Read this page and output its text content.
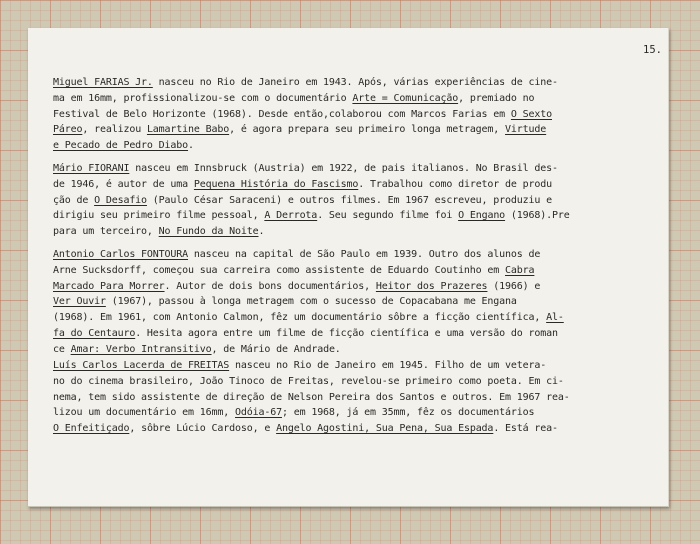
15.
Miguel FARIAS Jr. nasceu no Rio de Janeiro em 1943. Após, várias experiências de cine-
ma em 16mm, profissionalizou-se com o documentário Arte = Comunicação, premiado no
Festival de Belo Horizonte (1968). Desde então,colaborou com Marcos Farias em O Sexto
Páreo, realizou Lamartine Babo, é agora prepara seu primeiro longa metragem, Virtude
e Pecado de Pedro Diabo.
Mário FIORANI nasceu em Innsbruck (Austria) em 1922, de pais italianos. No Brasil des-
de 1946, é autor de uma Pequena História do Fascismo. Trabalhou como diretor de produ
ção de O Desafio (Paulo César Saraceni) e outros filmes. Em 1967 escreveu, produziu e
dirigiu seu primeiro filme pessoal, A Derrota. Seu segundo filme foi O Engano (1968).Pre
para um terceiro, No Fundo da Noite.
Antonio Carlos FONTOURA nasceu na capital de São Paulo em 1939. Outro dos alunos de
Arne Sucksdorff, começou sua carreira como assistente de Eduardo Coutinho em Cabra
Marcado Para Morrer. Autor de dois bons documentários, Heitor dos Prazeres (1966) e
Ver Ouvir (1967), passou à longa metragem com o sucesso de Copacabana me Engana
(1968). Em 1961, com Antonio Calmon, fêz um documentário sôbre a ficção científica, Al-
fa do Centauro. Hesita agora entre um filme de ficção científica e uma versão do roman
ce Amar: Verbo Intransitivo, de Mário de Andrade.
Luís Carlos Lacerda de FREITAS nasceu no Rio de Janeiro em 1945. Filho de um vetera-
no do cinema brasileiro, João Tinoco de Freitas, revelou-se primeiro como poeta. Em ci-
nema, tem sido assistente de direção de Nelson Pereira dos Santos e outros. Em 1967 rea-
lizou um documentário em 16mm, Odóia-67; em 1968, já em 35mm, fêz os documentários
O Enfeitiçado, sôbre Lúcio Cardoso, e Angelo Agostini, Sua Pena, Sua Espada. Está rea-
